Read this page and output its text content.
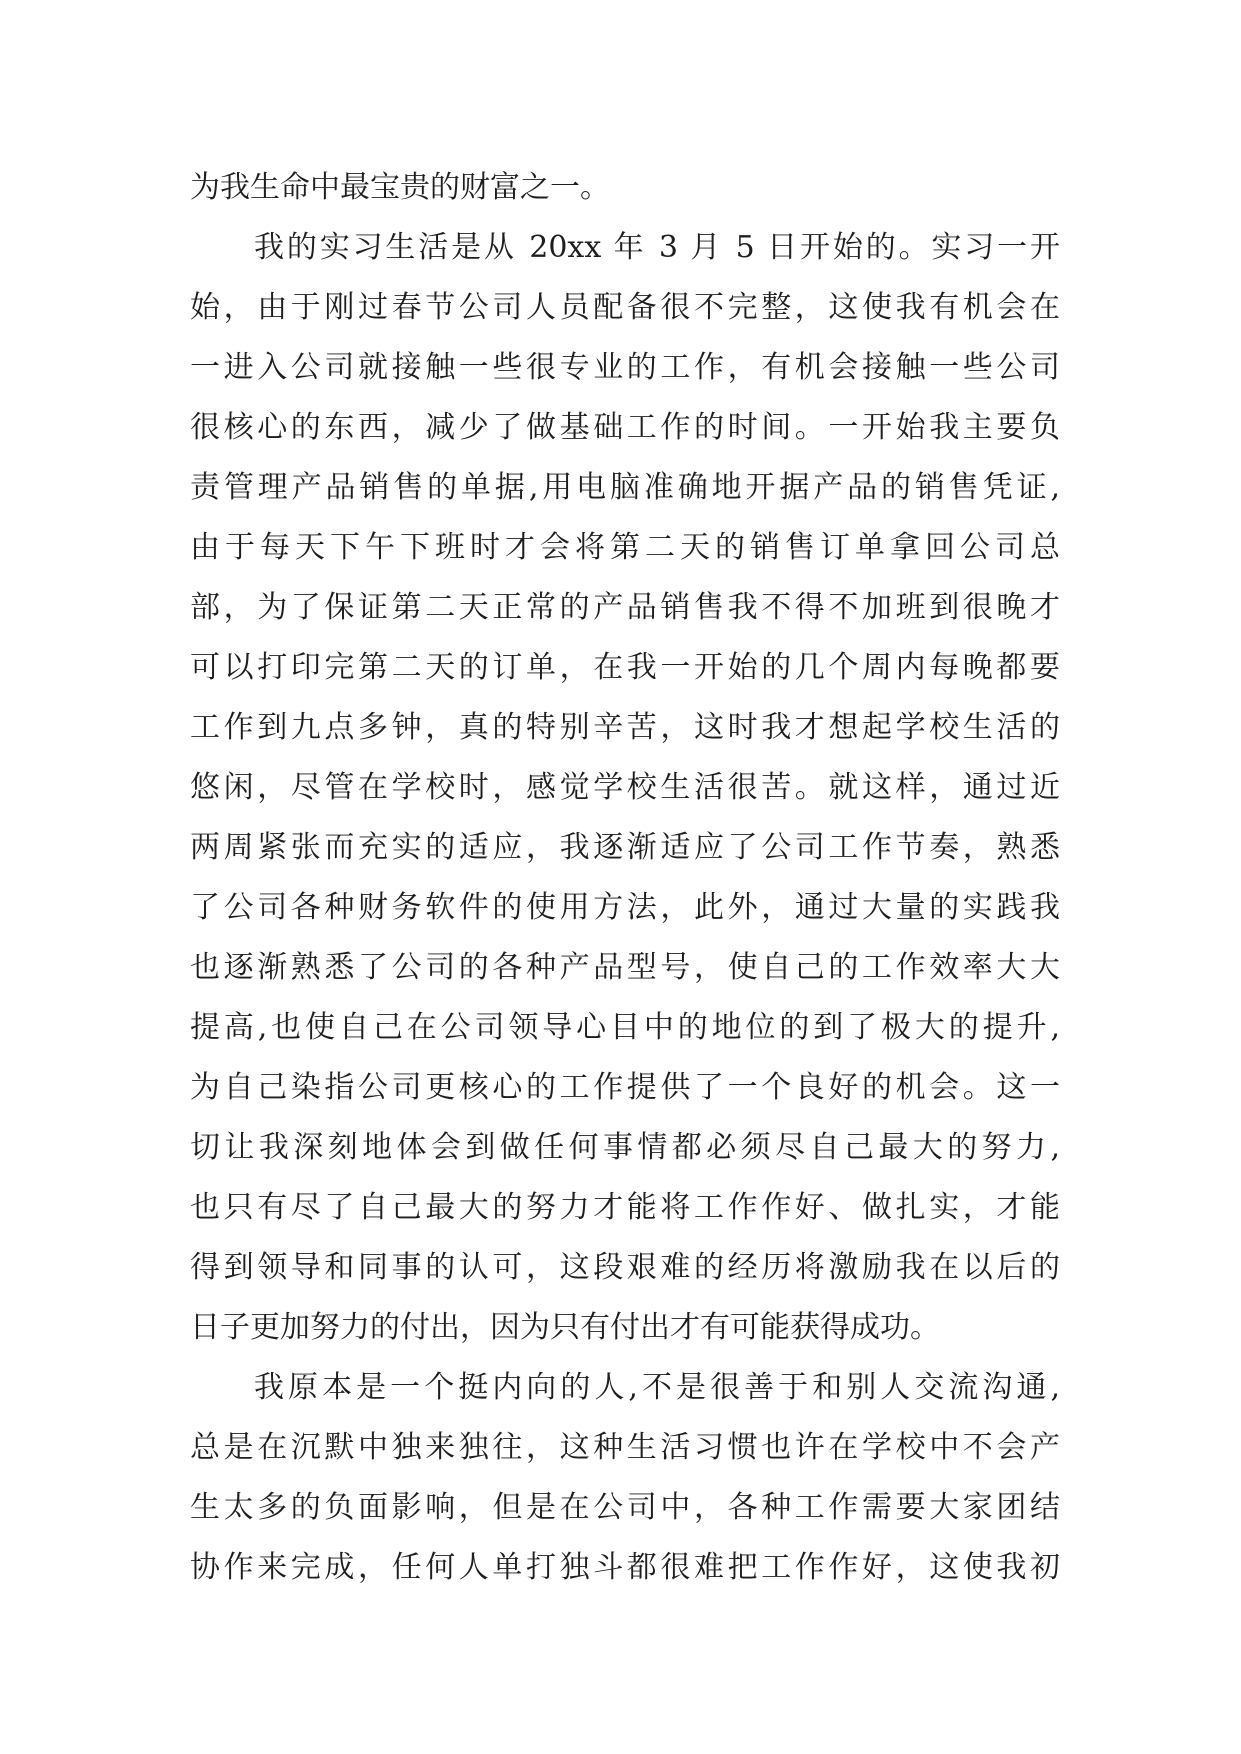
为我生命中最宝贵的财富之一。
我的实习生活是从 20xx 年 3 月 5 日开始的。实习一开
始，由于刚过春节公司人员配备很不完整，这使我有机会在
一进入公司就接触一些很专业的工作，有机会接触一些公司
很核心的东西，减少了做基础工作的时间。一开始我主要负
责管理产品销售的单据,用电脑准确地开据产品的销售凭证,
由于每天下午下班时才会将第二天的销售订单拿回公司总
部，为了保证第二天正常的产品销售我不得不加班到很晚才
可以打印完第二天的订单，在我一开始的几个周内每晚都要
工作到九点多钟，真的特别辛苦，这时我才想起学校生活的
悠闲，尽管在学校时，感觉学校生活很苦。就这样，通过近
两周紧张而充实的适应，我逐渐适应了公司工作节奏，熟悉
了公司各种财务软件的使用方法，此外，通过大量的实践我
也逐渐熟悉了公司的各种产品型号，使自己的工作效率大大
提高,也使自己在公司领导心目中的地位的到了极大的提升,
为自己染指公司更核心的工作提供了一个良好的机会。这一
切让我深刻地体会到做任何事情都必须尽自己最大的努力,
也只有尽了自己最大的努力才能将工作作好、做扎实，才能
得到领导和同事的认可，这段艰难的经历将激励我在以后的
日子更加努力的付出，因为只有付出才有可能获得成功。
我原本是一个挺内向的人,不是很善于和别人交流沟通,
总是在沉默中独来独往，这种生活习惯也许在学校中不会产
生太多的负面影响，但是在公司中，各种工作需要大家团结
协作来完成，任何人单打独斗都很难把工作作好，这使我初
